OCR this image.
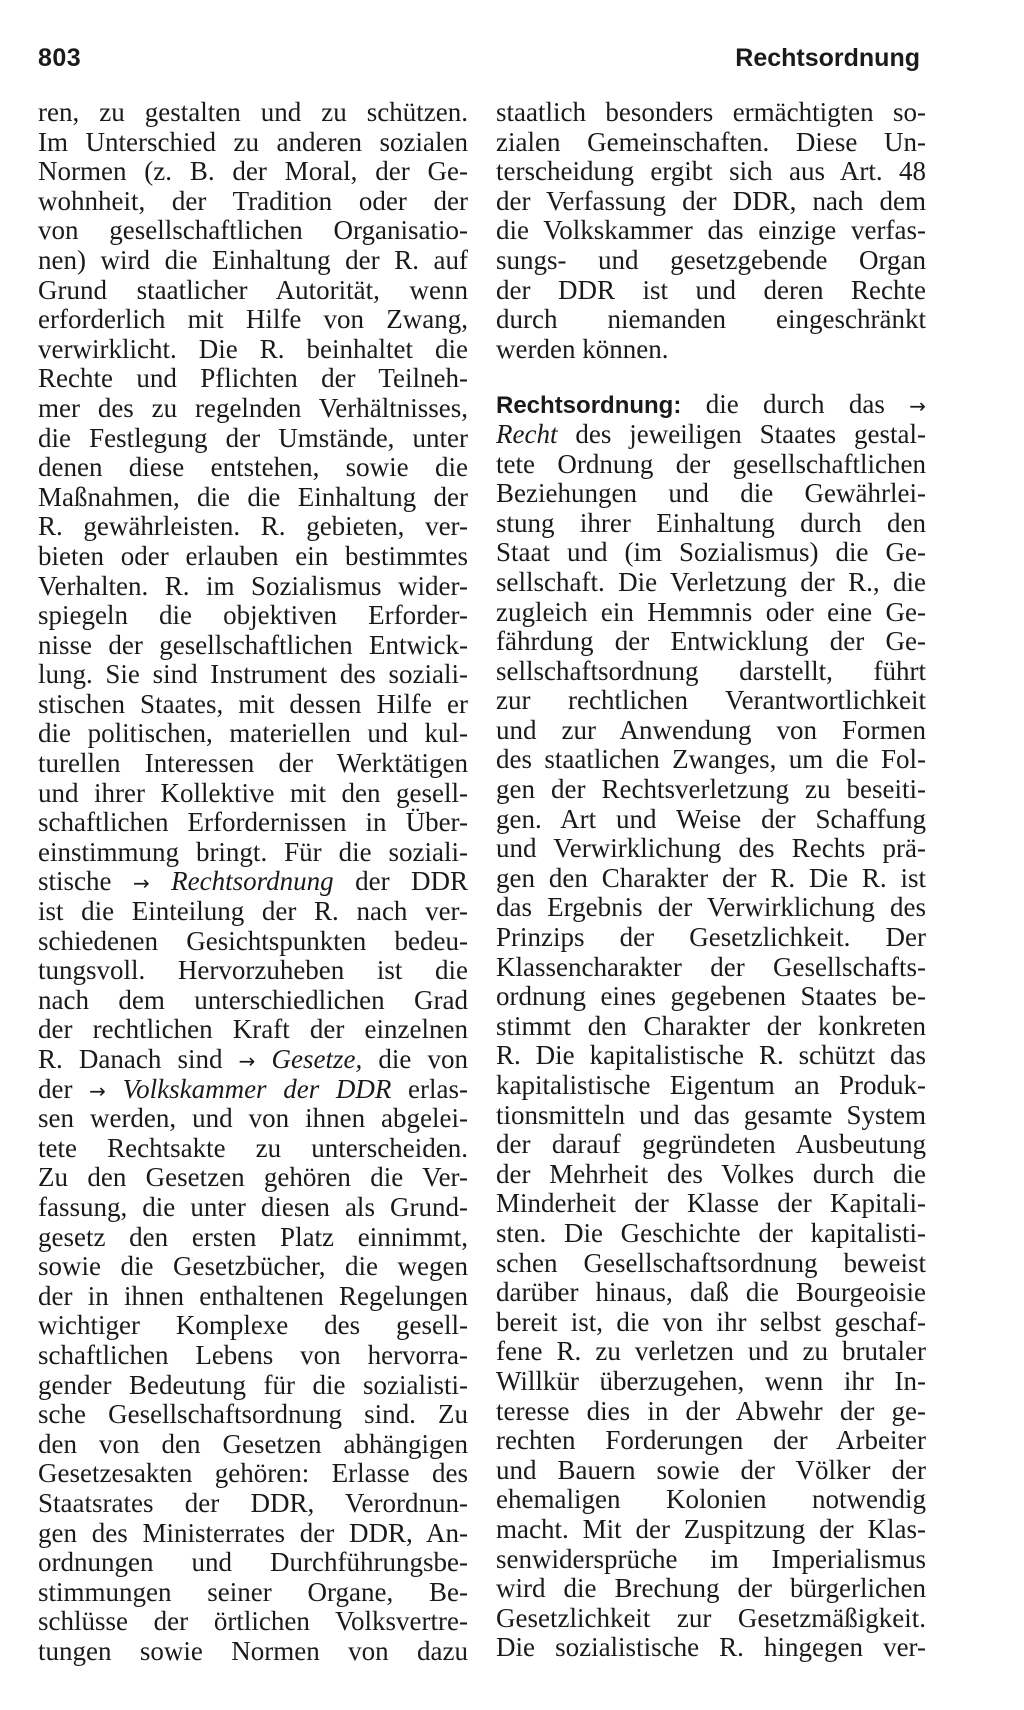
803	Rechtsordnung
ren, zu gestalten und zu schützen.
Im Unterschied zu anderen sozialen
Normen (z. B. der Moral, der Ge-
wohnheit, der Tradition oder der
von gesellschaftlichen Organisatio-
nen) wird die Einhaltung der R. auf
Grund staatlicher Autorität, wenn
erforderlich mit Hilfe von Zwang,
verwirklicht. Die R. beinhaltet die
Rechte und Pflichten der Teilneh-
mer des zu regelnden Verhältnisses,
die Festlegung der Umstände, unter
denen diese entstehen, sowie die
Maßnahmen, die die Einhaltung der
R. gewährleisten. R. gebieten, ver-
bieten oder erlauben ein bestimmtes
Verhalten. R. im Sozialismus wider-
spiegeln die objektiven Erforder-
nisse der gesellschaftlichen Entwick-
lung. Sie sind Instrument des soziali-
stischen Staates, mit dessen Hilfe er
die politischen, materiellen und kul-
turellen Interessen der Werktätigen
und ihrer Kollektive mit den gesell-
schaftlichen Erfordernissen in Über-
einstimmung bringt. Für die soziali-
stische → Rechtsordnung der DDR
ist die Einteilung der R. nach ver-
schiedenen Gesichtspunkten bedeu-
tungsvoll. Hervorzuheben ist die
nach dem unterschiedlichen Grad
der rechtlichen Kraft der einzelnen
R. Danach sind → Gesetze, die von
der → Volkskammer der DDR erlas-
sen werden, und von ihnen abgelei-
tete Rechtsakte zu unterscheiden.
Zu den Gesetzen gehören die Ver-
fassung, die unter diesen als Grund-
gesetz den ersten Platz einnimmt,
sowie die Gesetzbücher, die wegen
der in ihnen enthaltenen Regelungen
wichtiger Komplexe des gesell-
schaftlichen Lebens von hervorra-
gender Bedeutung für die sozialisti-
sche Gesellschaftsordnung sind. Zu
den von den Gesetzen abhängigen
Gesetzesakten gehören: Erlasse des
Staatsrates der DDR, Verordnun-
gen des Ministerrates der DDR, An-
ordnungen und Durchführungsbe-
stimmungen seiner Organe, Be-
schlüsse der örtlichen Volksvertre-
tungen sowie Normen von dazu
staatlich besonders ermächtigten so-
zialen Gemeinschaften. Diese Un-
terscheidung ergibt sich aus Art. 48
der Verfassung der DDR, nach dem
die Volkskammer das einzige verfas-
sungs- und gesetzgebende Organ
der DDR ist und deren Rechte
durch niemanden eingeschränkt
werden können.
Rechtsordnung: die durch das →
Recht des jeweiligen Staates gestal-
tete Ordnung der gesellschaftlichen
Beziehungen und die Gewährlei-
stung ihrer Einhaltung durch den
Staat und (im Sozialismus) die Ge-
sellschaft. Die Verletzung der R., die
zugleich ein Hemmnis oder eine Ge-
fährdung der Entwicklung der Ge-
sellschaftsordnung darstellt, führt
zur rechtlichen Verantwortlichkeit
und zur Anwendung von Formen
des staatlichen Zwanges, um die Fol-
gen der Rechtsverletzung zu beseiti-
gen. Art und Weise der Schaffung
und Verwirklichung des Rechts prä-
gen den Charakter der R. Die R. ist
das Ergebnis der Verwirklichung des
Prinzips der Gesetzlichkeit. Der
Klassencharakter der Gesellschafts-
ordnung eines gegebenen Staates be-
stimmt den Charakter der konkreten
R. Die kapitalistische R. schützt das
kapitalistische Eigentum an Produk-
tionsmitteln und das gesamte System
der darauf gegründeten Ausbeutung
der Mehrheit des Volkes durch die
Minderheit der Klasse der Kapitali-
sten. Die Geschichte der kapitalisti-
schen Gesellschaftsordnung beweist
darüber hinaus, daß die Bourgeoisie
bereit ist, die von ihr selbst geschaf-
fene R. zu verletzen und zu brutaler
Willkür überzugehen, wenn ihr In-
teresse dies in der Abwehr der ge-
rechten Forderungen der Arbeiter
und Bauern sowie der Völker der
ehemaligen Kolonien notwendig
macht. Mit der Zuspitzung der Klas-
senwidersprüche im Imperialismus
wird die Brechung der bürgerlichen
Gesetzlichkeit zur Gesetzmäßigkeit.
Die sozialistische R. hingegen ver-
